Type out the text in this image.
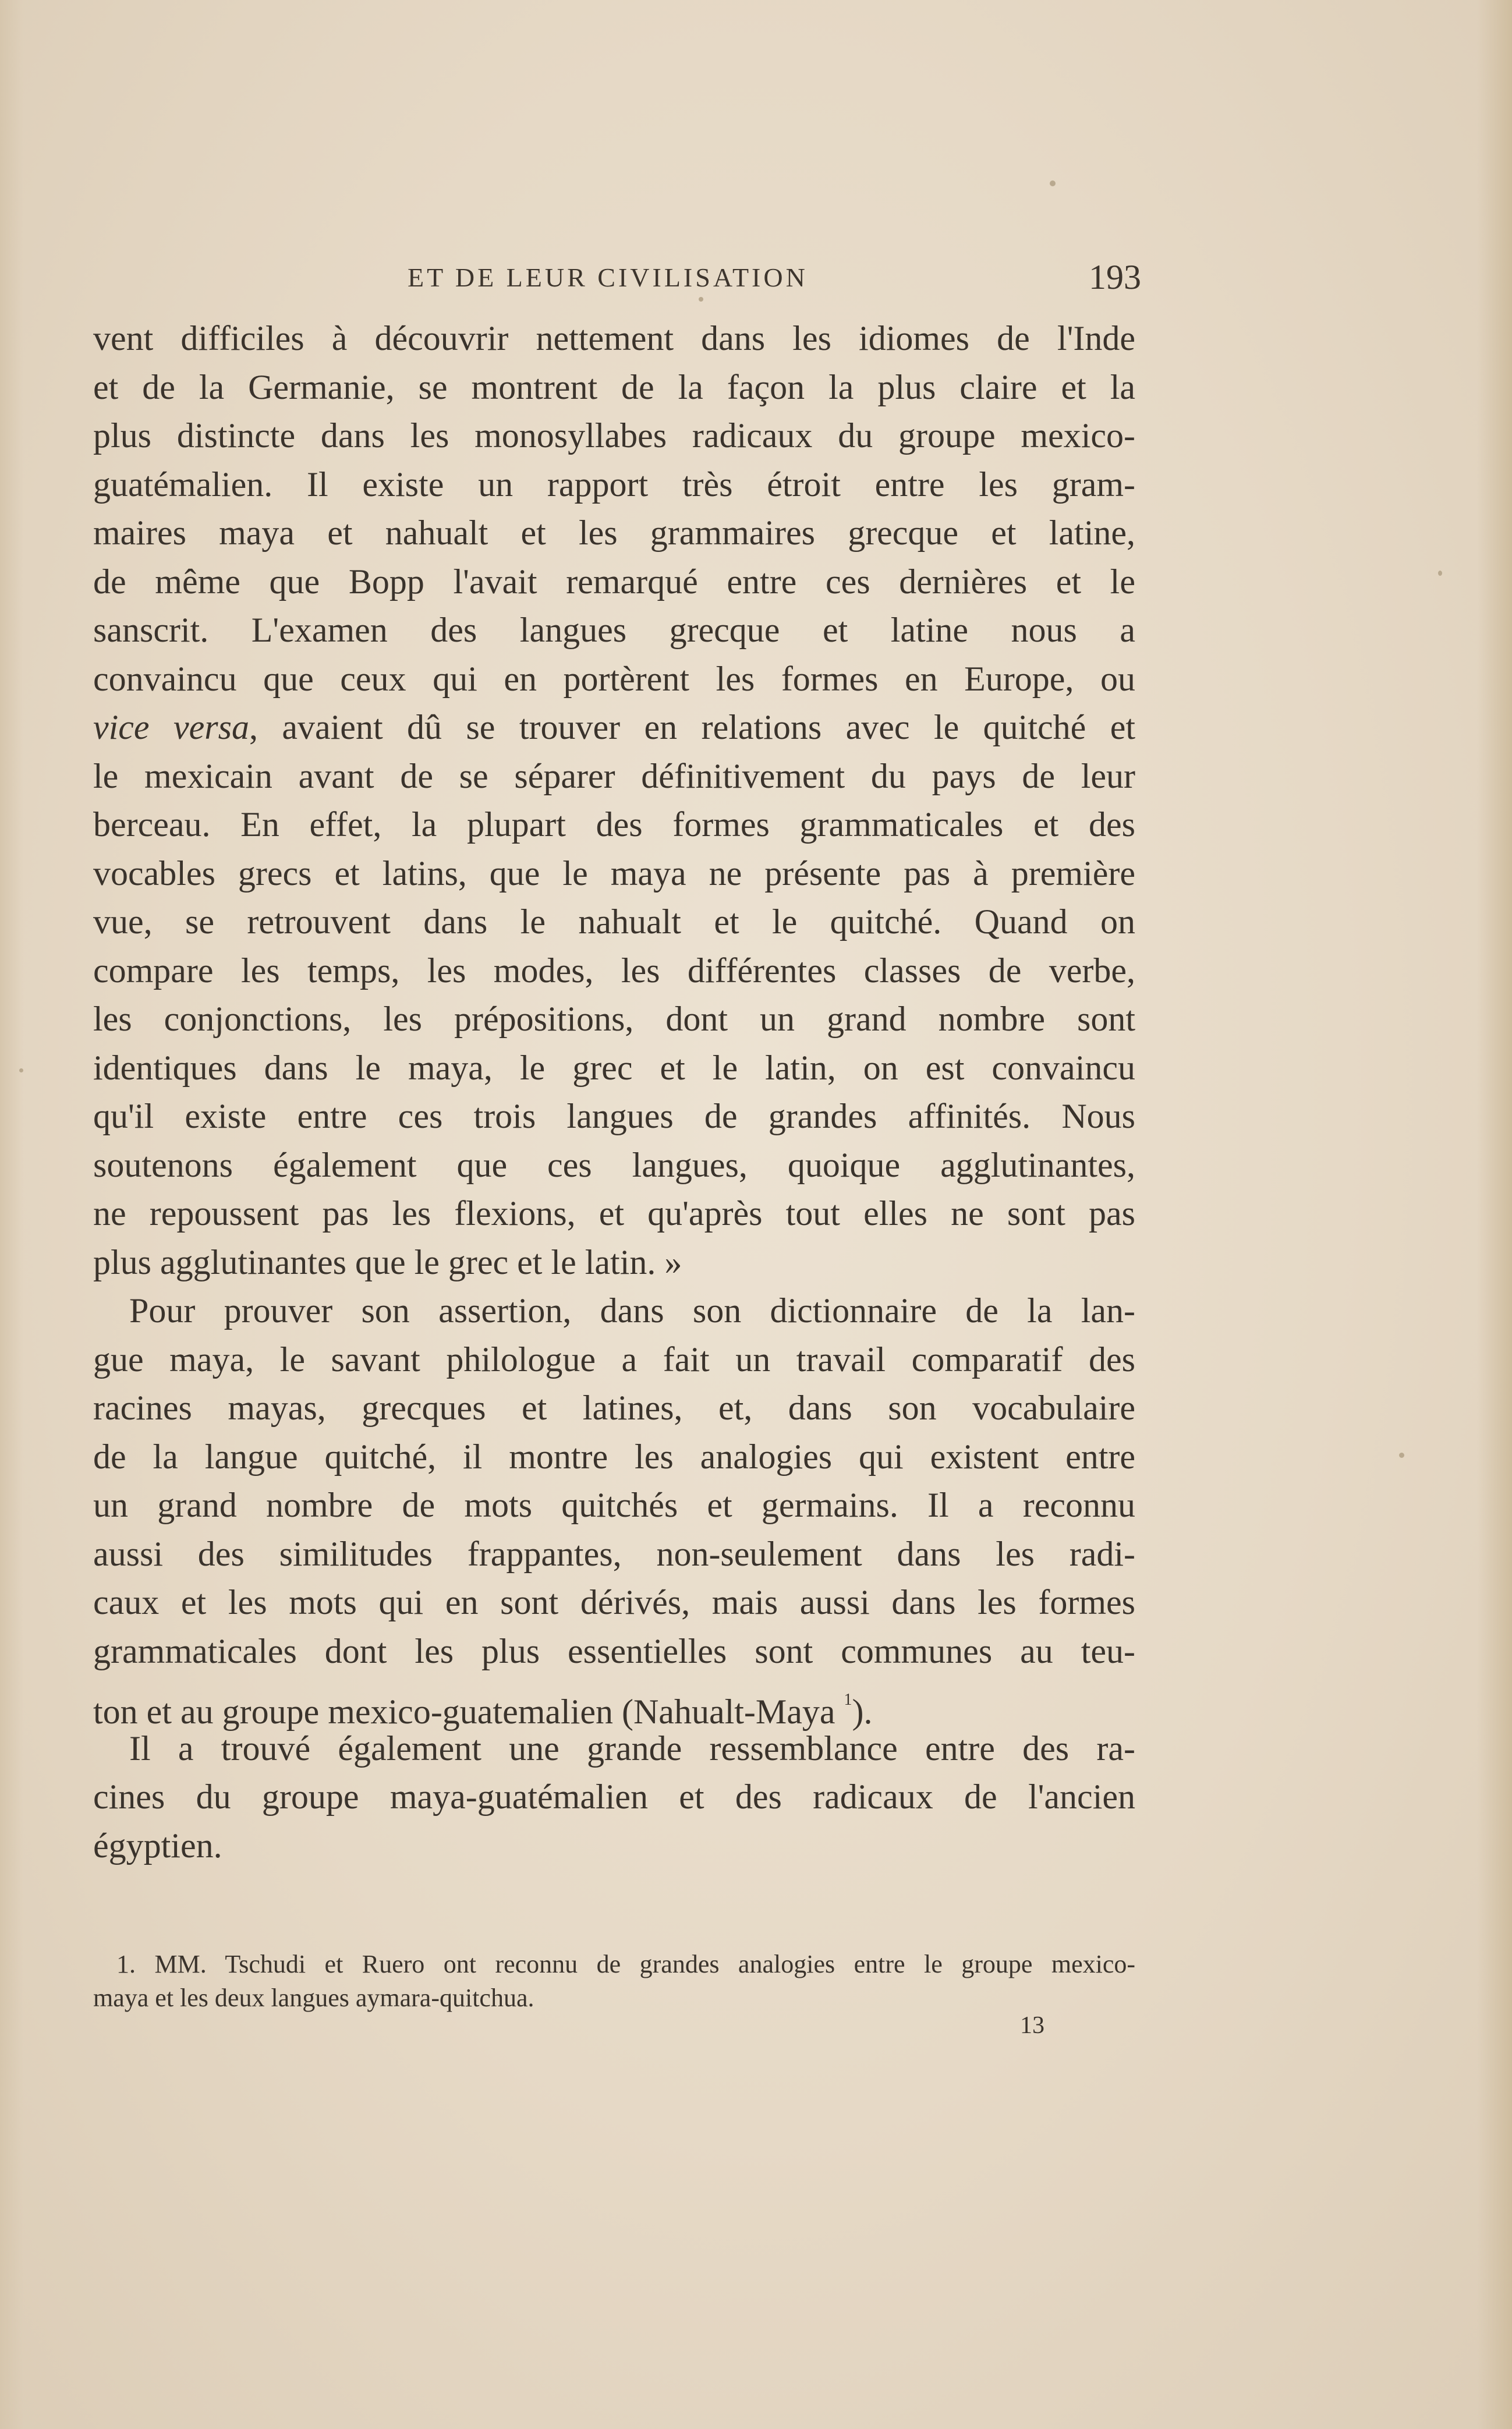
ET DE LEUR CIVILISATION	193
vent difficiles à découvrir nettement dans les idiomes de l'Inde
et de la Germanie, se montrent de la façon la plus claire et la
plus distincte dans les monosyllabes radicaux du groupe mexico-
guatémalien. Il existe un rapport très étroit entre les gram-
maires maya et nahualt et les grammaires grecque et latine,
de même que Bopp l'avait remarqué entre ces dernières et le
sanscrit. L'examen des langues grecque et latine nous a
convaincu que ceux qui en portèrent les formes en Europe, ou
vice versa, avaient dû se trouver en relations avec le quitché et
le mexicain avant de se séparer définitivement du pays de leur
berceau. En effet, la plupart des formes grammaticales et des
vocables grecs et latins, que le maya ne présente pas à première
vue, se retrouvent dans le nahualt et le quitché. Quand on
compare les temps, les modes, les différentes classes de verbe,
les conjonctions, les prépositions, dont un grand nombre sont
identiques dans le maya, le grec et le latin, on est convaincu
qu'il existe entre ces trois langues de grandes affinités. Nous
soutenons également que ces langues, quoique agglutinantes,
ne repoussent pas les flexions, et qu'après tout elles ne sont pas
plus agglutinantes que le grec et le latin. »
Pour prouver son assertion, dans son dictionnaire de la lan-
gue maya, le savant philologue a fait un travail comparatif des
racines mayas, grecques et latines, et, dans son vocabulaire
de la langue quitché, il montre les analogies qui existent entre
un grand nombre de mots quitchés et germains. Il a reconnu
aussi des similitudes frappantes, non-seulement dans les radi-
caux et les mots qui en sont dérivés, mais aussi dans les formes
grammaticales dont les plus essentielles sont communes au teu-
ton et au groupe mexico-guatemalien (Nahualt-Maya $^1$).
Il a trouvé également une grande ressemblance entre des ra-
cines du groupe maya-guatémalien et des radicaux de l'ancien
égyptien.
1. MM. Tschudi et Ruero ont reconnu de grandes analogies entre le groupe mexico-
maya et les deux langues aymara-quitchua.
13
